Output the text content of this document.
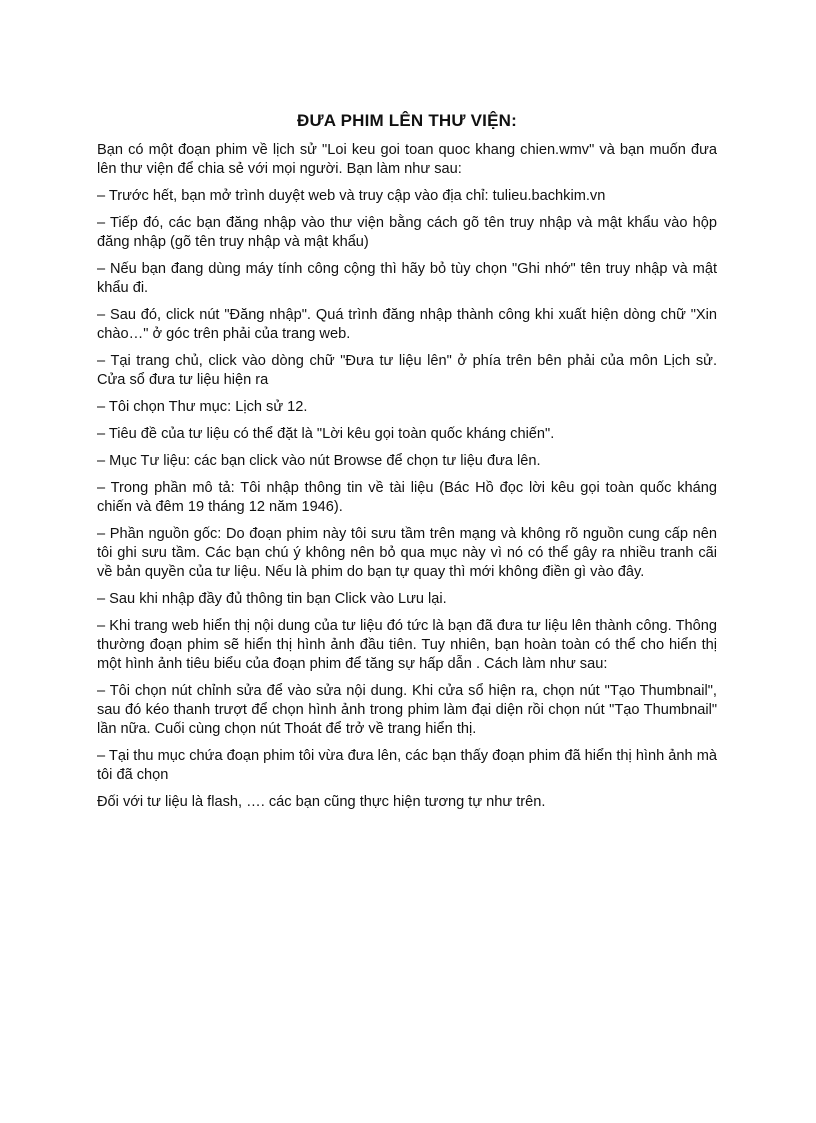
ĐƯA PHIM LÊN THƯ VIỆN:

Bạn có một đoạn phim về lịch sử "Loi keu goi toan quoc khang chien.wmv" và bạn muốn đưa lên thư viện để chia sẻ với mọi người. Bạn làm như sau:

– Trước hết, bạn mở trình duyệt web và truy cập vào địa chỉ: tulieu.bachkim.vn

– Tiếp đó, các bạn đăng nhập vào thư viện bằng cách gõ tên truy nhập và mật khẩu vào hộp đăng nhập (gõ tên truy nhập và mật khẩu)

– Nếu bạn đang dùng máy tính công cộng thì hãy bỏ tùy chọn "Ghi nhớ" tên truy nhập và mật khẩu đi.

– Sau đó, click nút "Đăng nhập". Quá trình đăng nhập thành công khi xuất hiện dòng chữ "Xin chào…" ở góc trên phải của trang web.

– Tại trang chủ, click vào dòng chữ "Đưa tư liệu lên" ở phía trên bên phải của môn Lịch sử. Cửa sổ đưa tư liệu hiện ra

– Tôi chọn Thư mục: Lịch sử 12.

– Tiêu đề của tư liệu có thể đặt là "Lời kêu gọi toàn quốc kháng chiến".

– Mục Tư liệu: các bạn click vào nút Browse để chọn tư liệu đưa lên.

– Trong phần mô tả: Tôi nhập thông tin về tài liệu (Bác Hồ đọc lời kêu gọi toàn quốc kháng chiến và đêm 19 tháng 12 năm 1946).

– Phần nguồn gốc: Do đoạn phim này tôi sưu tầm trên mạng và không rõ nguồn cung cấp nên tôi ghi sưu tầm. Các bạn chú ý không nên bỏ qua mục này vì nó có thể gây ra nhiều tranh cãi về bản quyền của tư liệu. Nếu là phim do bạn tự quay thì mới không điền gì vào đây.

– Sau khi nhập đầy đủ thông tin bạn Click vào Lưu lại.

– Khi trang web hiển thị nội dung của tư liệu đó tức là bạn đã đưa tư liệu lên thành công. Thông thường đoạn phim sẽ hiển thị hình ảnh đầu tiên. Tuy nhiên, bạn hoàn toàn có thể cho hiển thị một hình ảnh tiêu biểu của đoạn phim để tăng sự hấp dẫn . Cách làm như sau:

– Tôi chọn nút chỉnh sửa để vào sửa nội dung. Khi cửa sổ hiện ra, chọn nút "Tạo Thumbnail", sau đó kéo thanh trượt để chọn hình ảnh trong phim làm đại diện rồi chọn nút "Tạo Thumbnail" lần nữa. Cuối cùng chọn nút Thoát để trở về trang hiển thị.

– Tại thu mục chứa đoạn phim tôi vừa đưa lên, các bạn thấy đoạn phim đã hiển thị hình ảnh mà tôi đã chọn

Đối với tư liệu là flash, …. các bạn cũng thực hiện tương tự như trên.
